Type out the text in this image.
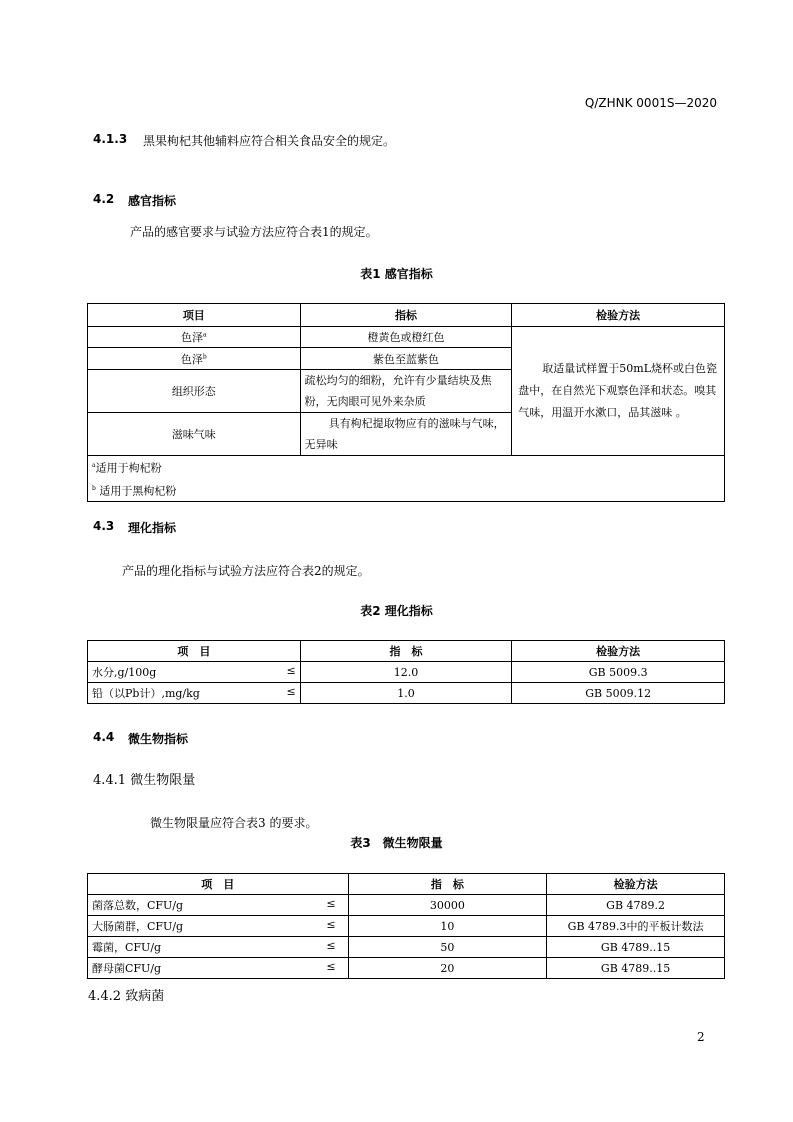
Q/ZHNK 0001S—2020
4.1.3 黑果枸杞其他辅料应符合相关食品安全的规定。
4.2 感官指标
产品的感官要求与试验方法应符合表1的规定。
表1 感官指标
项目	指标	检验方法
色泽$^a$	橙黄色或橙红色	取适量试样置于50mL烧杯或白色瓷盘中，在自然光下观察色泽和状态。嗅其气味，用温开水漱口，品其滋味 。
色泽$^b$	紫色至蓝紫色	
组织形态	疏松均匀的细粉，允许有少量结块及焦粉，无肉眼可见外来杂质	
滋味气味	具有枸杞提取物应有的滋味与气味，无异味	

$^a$适用于枸杞粉
$^b$ 适用于黑枸杞粉		
4.3 理化指标
产品的理化指标与试验方法应符合表2的规定。
表2 理化指标
项　目	指　标	检验方法
水分,g/100g ≤	12.0	GB 5009.3
铅（以Pb计）,mg/kg ≤	1.0	GB 5009.12
4.4 微生物指标
4.4.1 微生物限量
微生物限量应符合表3 的要求。
表3　微生物限量
项　目	指　标	检验方法
菌落总数，CFU/g ≤	30000	GB 4789.2
大肠菌群，CFU/g ≤	10	GB 4789.3中的平板计数法
霉菌，CFU/g ≤	50	GB 4789..15
酵母菌CFU/g ≤	20	GB 4789..15
4.4.2 致病菌
2
